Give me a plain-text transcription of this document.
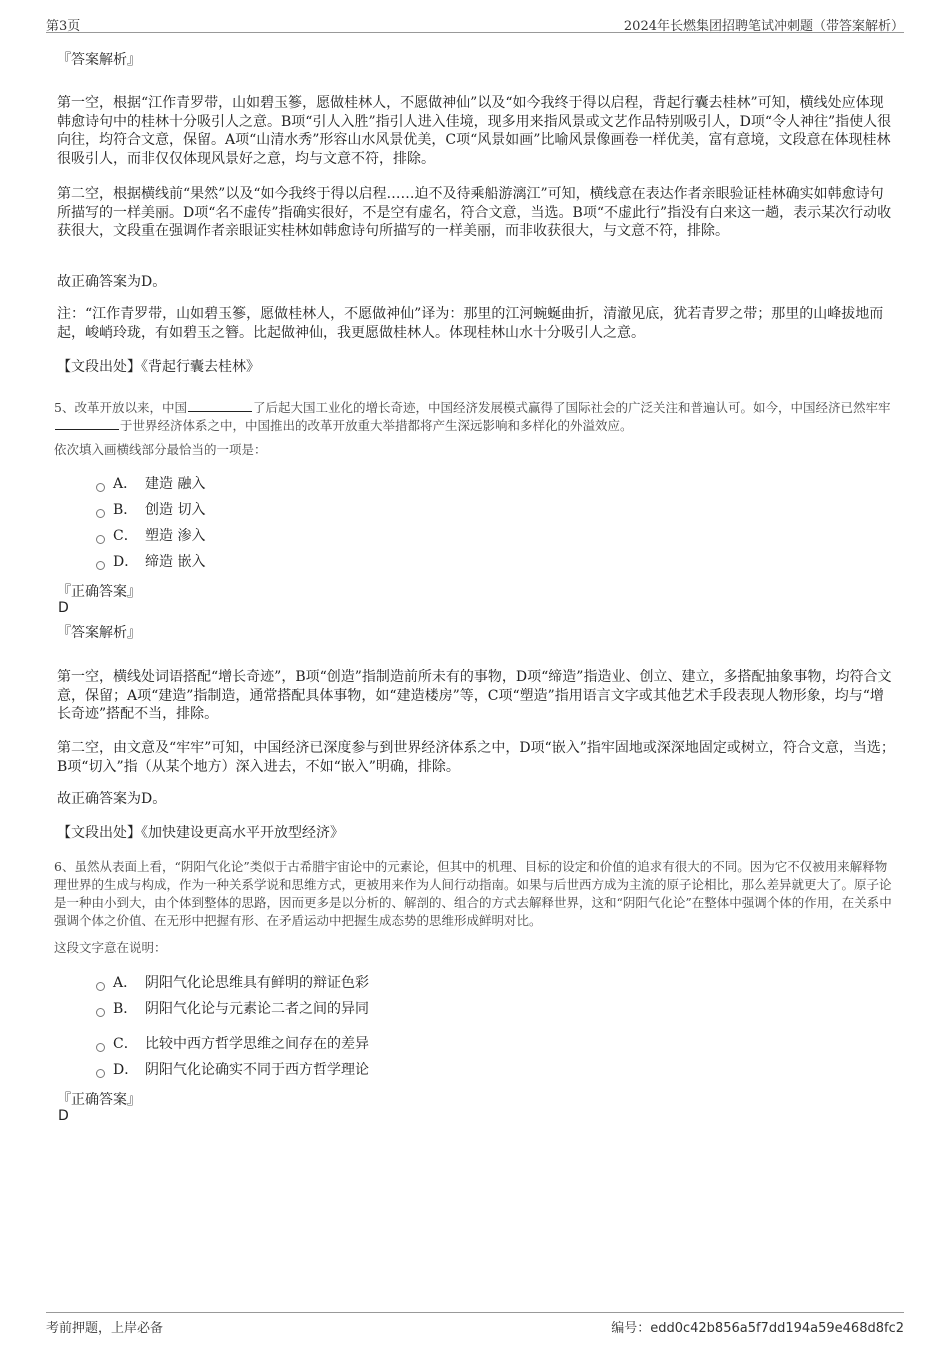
第3页	2024年长燃集团招聘笔试冲刺题（带答案解析）
『答案解析』

第一空，根据“江作青罗带，山如碧玉篸，愿做桂林人，不愿做神仙”以及“如今我终于得以启程，背起行囊去桂林”可知，横线处应体现韩愈诗句中的桂林十分吸引人之意。B项“引人入胜”指引人进入佳境，现多用来指风景或文艺作品特别吸引人，D项“令人神往”指使人很向往，均符合文意，保留。A项“山清水秀”形容山水风景优美，C项“风景如画”比喻风景像画卷一样优美，富有意境，文段意在体现桂林很吸引人，而非仅仅体现风景好之意，均与文意不符，排除。

第二空，根据横线前“果然”以及“如今我终于得以启程……迫不及待乘船游漓江”可知，横线意在表达作者亲眼验证桂林确实如韩愈诗句所描写的一样美丽。D项“名不虚传”指确实很好，不是空有虚名，符合文意，当选。B项“不虚此行”指没有白来这一趟，表示某次行动收获很大，文段重在强调作者亲眼证实桂林如韩愈诗句所描写的一样美丽，而非收获很大，与文意不符，排除。

故正确答案为D。

注：“江作青罗带，山如碧玉篸，愿做桂林人，不愿做神仙”译为：那里的江河蜿蜒曲折，清澈见底，犹若青罗之带；那里的山峰拔地而起，峻峭玲珑，有如碧玉之簪。比起做神仙，我更愿做桂林人。体现桂林山水十分吸引人之意。

【文段出处】《背起行囊去桂林》

5、改革开放以来，中国	了后起大国工业化的增长奇迹，中国经济发展模式赢得了国际社会的广泛关注和普遍认可。如今，中国经济已然牢牢于世界经济体系之中，中国推出的改革开放重大举措都将产生深远影响和多样化的外溢效应。

依次填入画横线部分最恰当的一项是：
A． 建造 融入
B． 创造 切入
C． 塑造 渗入
D． 缔造 嵌入
『正确答案』
D
『答案解析』

第一空，横线处词语搭配“增长奇迹”，B项“创造”指制造前所未有的事物，D项“缔造”指造业、创立、建立，多搭配抽象事物，均符合文意，保留；A项“建造”指制造，通常搭配具体事物，如“建造楼房”等，C项“塑造”指用语言文字或其他艺术手段表现人物形象，均与“增长奇迹”搭配不当，排除。

第二空，由文意及“牢牢”可知，中国经济已深度参与到世界经济体系之中，D项“嵌入”指牢固地或深深地固定或树立，符合文意，当选；B项“切入”指（从某个地方）深入进去，不如“嵌入”明确，排除。

故正确答案为D。

【文段出处】《加快建设更高水平开放型经济》

6、虽然从表面上看，“阴阳气化论”类似于古希腊宇宙论中的元素论，但其中的机理、目标的设定和价值的追求有很大的不同。因为它不仅被用来解释物理世界的生成与构成，作为一种关系学说和思维方式，更被用来作为人间行动指南。如果与后世西方成为主流的原子论相比，那么差异就更大了。原子论是一种由小到大，由个体到整体的思路，因而更多是以分析的、解剖的、组合的方式去解释世界，这和“阴阳气化论”在整体中强调个体的作用，在关系中强调个体之价值、在无形中把握有形、在矛盾运动中把握生成态势的思维形成鲜明对比。

这段文字意在说明：
A． 阴阳气化论思维具有鲜明的辩证色彩
B． 阴阳气化论与元素论二者之间的异同
C． 比较中西方哲学思维之间存在的差异
D． 阴阳气化论确实不同于西方哲学理论
『正确答案』
D
考前押题，上岸必备	编号：edd0c42b856a5f7dd194a59e468d8fc2
